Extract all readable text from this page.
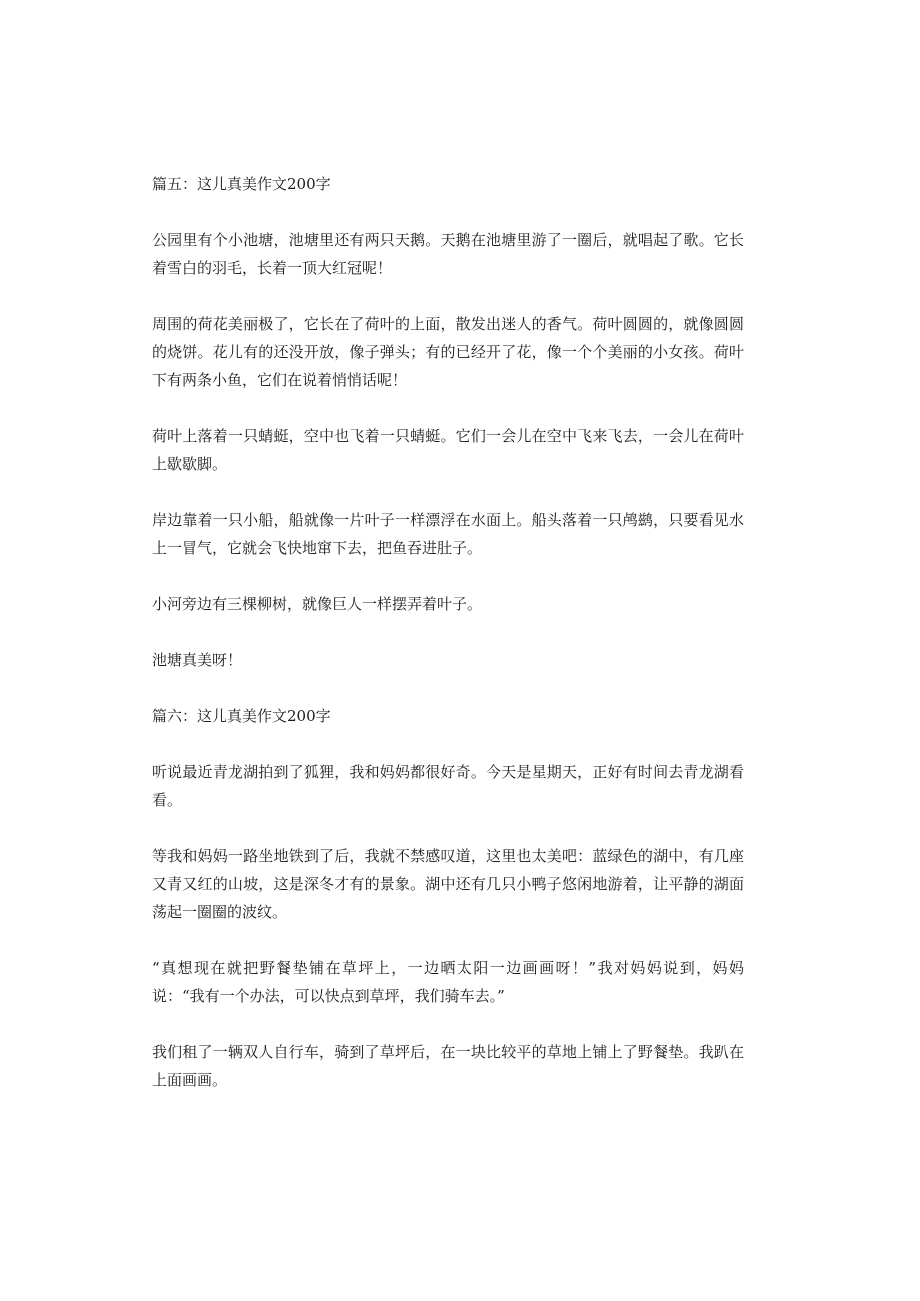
篇五：这儿真美作文200字

公园里有个小池塘，池塘里还有两只天鹅。天鹅在池塘里游了一圈后，就唱起了歌。它长着雪白的羽毛，长着一顶大红冠呢！

周围的荷花美丽极了，它长在了荷叶的上面，散发出迷人的香气。荷叶圆圆的，就像圆圆的烧饼。花儿有的还没开放，像子弹头；有的已经开了花，像一个个美丽的小女孩。荷叶下有两条小鱼，它们在说着悄悄话呢！

荷叶上落着一只蜻蜓，空中也飞着一只蜻蜓。它们一会儿在空中飞来飞去，一会儿在荷叶上歇歇脚。

岸边靠着一只小船，船就像一片叶子一样漂浮在水面上。船头落着一只鸬鹚，只要看见水上一冒气，它就会飞快地窜下去，把鱼吞进肚子。

小河旁边有三棵柳树，就像巨人一样摆弄着叶子。

池塘真美呀！

篇六：这儿真美作文200字

听说最近青龙湖拍到了狐狸，我和妈妈都很好奇。今天是星期天，正好有时间去青龙湖看看。

等我和妈妈一路坐地铁到了后，我就不禁感叹道，这里也太美吧：蓝绿色的湖中，有几座又青又红的山坡，这是深冬才有的景象。湖中还有几只小鸭子悠闲地游着，让平静的湖面荡起一圈圈的波纹。

“真想现在就把野餐垫铺在草坪上，一边晒太阳一边画画呀！”我对妈妈说到，妈妈说：“我有一个办法，可以快点到草坪，我们骑车去。”

我们租了一辆双人自行车，骑到了草坪后，在一块比较平的草地上铺上了野餐垫。我趴在上面画画。
